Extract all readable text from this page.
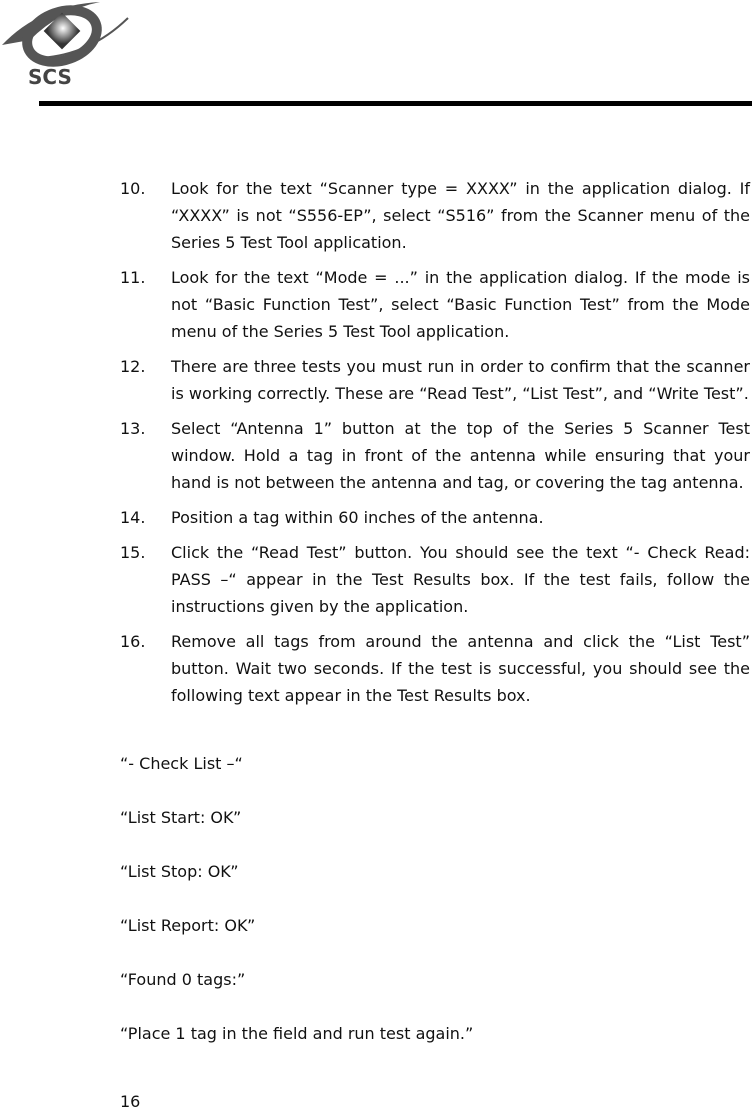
SCS
10. Look for the text “Scanner type = XXXX” in the application dialog. If “XXXX” is not “S556-EP”, select “S516” from the Scanner menu of the Series 5 Test Tool application.
11. Look for the text “Mode = ...” in the application dialog. If the mode is not “Basic Function Test”, select “Basic Function Test” from the Mode menu of the Series 5 Test Tool application.
12. There are three tests you must run in order to confirm that the scanner is working correctly. These are “Read Test”, “List Test”, and “Write Test”.
13. Select “Antenna 1” button at the top of the Series 5 Scanner Test window. Hold a tag in front of the antenna while ensuring that your hand is not between the antenna and tag, or covering the tag antenna.
14. Position a tag within 60 inches of the antenna.
15. Click the “Read Test” button. You should see the text “- Check Read: PASS –“ appear in the Test Results box. If the test fails, follow the instructions given by the application.
16. Remove all tags from around the antenna and click the “List Test” button. Wait two seconds. If the test is successful, you should see the following text appear in the Test Results box.
“- Check List –“
“List Start: OK”
“List Stop: OK”
“List Report: OK”
“Found 0 tags:”
“Place 1 tag in the field and run test again.”
16
